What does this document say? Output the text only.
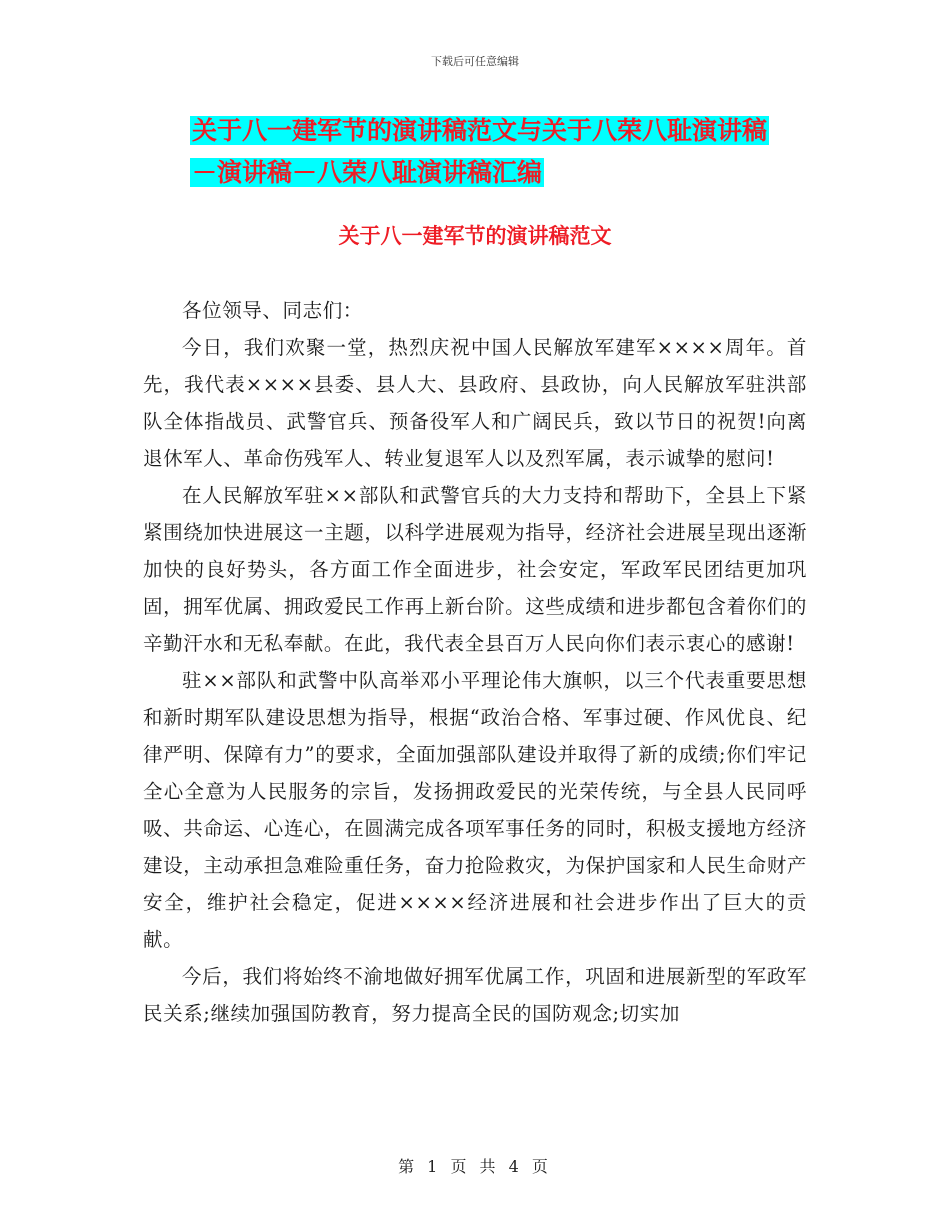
下载后可任意编辑
关于八一建军节的演讲稿范文与关于八荣八耻演讲稿
－演讲稿－八荣八耻演讲稿汇编
关于八一建军节的演讲稿范文

各位领导、同志们：

今日，我们欢聚一堂，热烈庆祝中国人民解放军建军××××周年。首先，我代表××××县委、县人大、县政府、县政协，向人民解放军驻洪部队全体指战员、武警官兵、预备役军人和广阔民兵，致以节日的祝贺!向离退休军人、革命伤残军人、转业复退军人以及烈军属，表示诚挚的慰问!

在人民解放军驻××部队和武警官兵的大力支持和帮助下，全县上下紧紧围绕加快进展这一主题，以科学进展观为指导，经济社会进展呈现出逐渐加快的良好势头，各方面工作全面进步，社会安定，军政军民团结更加巩固，拥军优属、拥政爱民工作再上新台阶。这些成绩和进步都包含着你们的辛勤汗水和无私奉献。在此，我代表全县百万人民向你们表示衷心的感谢!

驻××部队和武警中队高举邓小平理论伟大旗帜，以三个代表重要思想和新时期军队建设思想为指导，根据“政治合格、军事过硬、作风优良、纪律严明、保障有力”的要求，全面加强部队建设并取得了新的成绩;你们牢记全心全意为人民服务的宗旨，发扬拥政爱民的光荣传统，与全县人民同呼吸、共命运、心连心，在圆满完成各项军事任务的同时，积极支援地方经济建设，主动承担急难险重任务，奋力抢险救灾，为保护国家和人民生命财产安全，维护社会稳定，促进××××经济进展和社会进步作出了巨大的贡献。

今后，我们将始终不渝地做好拥军优属工作，巩固和进展新型的军政军民关系;继续加强国防教育，努力提高全民的国防观念;切实加

第 1 页 共 4 页
